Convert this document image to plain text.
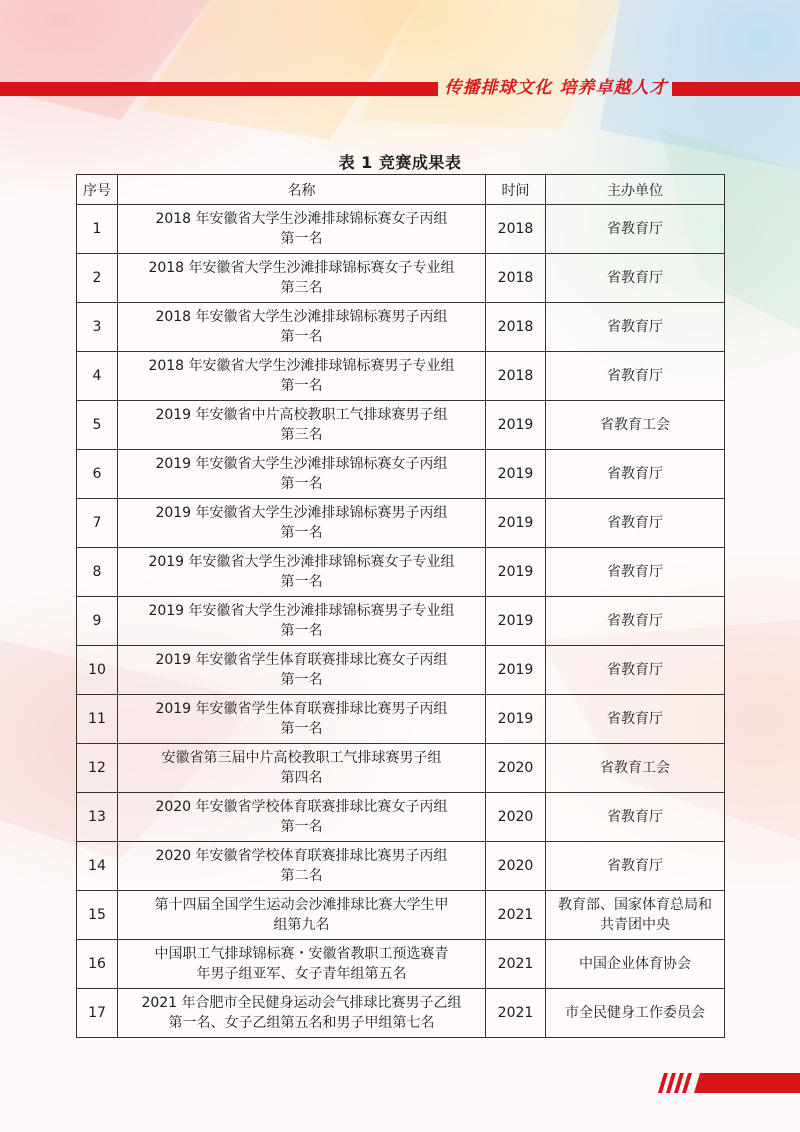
传播排球文化 培养卓越人才
表 1 竞赛成果表
序号	名称	时间	主办单位
1	2018 年安徽省大学生沙滩排球锦标赛女子丙组
第一名	2018	省教育厅

2	2018 年安徽省大学生沙滩排球锦标赛女子专业组
第三名	2018	省教育厅

3	2018 年安徽省大学生沙滩排球锦标赛男子丙组
第一名	2018	省教育厅

4	2018 年安徽省大学生沙滩排球锦标赛男子专业组
第一名	2018	省教育厅

5	2019 年安徽省中片高校教职工气排球赛男子组
第三名	2019	省教育工会

6	2019 年安徽省大学生沙滩排球锦标赛女子丙组
第一名	2019	省教育厅

7	2019 年安徽省大学生沙滩排球锦标赛男子丙组
第一名	2019	省教育厅

8	2019 年安徽省大学生沙滩排球锦标赛女子专业组
第一名	2019	省教育厅

9	2019 年安徽省大学生沙滩排球锦标赛男子专业组
第一名	2019	省教育厅

10	2019 年安徽省学生体育联赛排球比赛女子丙组
第一名	2019	省教育厅

11	2019 年安徽省学生体育联赛排球比赛男子丙组
第一名	2019	省教育厅

12	安徽省第三届中片高校教职工气排球赛男子组
第四名	2020	省教育工会

13	2020 年安徽省学校体育联赛排球比赛女子丙组
第一名	2020	省教育厅

14	2020 年安徽省学校体育联赛排球比赛男子丙组
第二名	2020	省教育厅

15	第十四届全国学生运动会沙滩排球比赛大学生甲
组第九名	2021	教育部、国家体育总局和
共青团中央

16	中国职工气排球锦标赛・安徽省教职工预选赛青
年男子组亚军、女子青年组第五名	2021	中国企业体育协会

17	2021 年合肥市全民健身运动会气排球比赛男子乙组
第一名、女子乙组第五名和男子甲组第七名	2021	市全民健身工作委员会
